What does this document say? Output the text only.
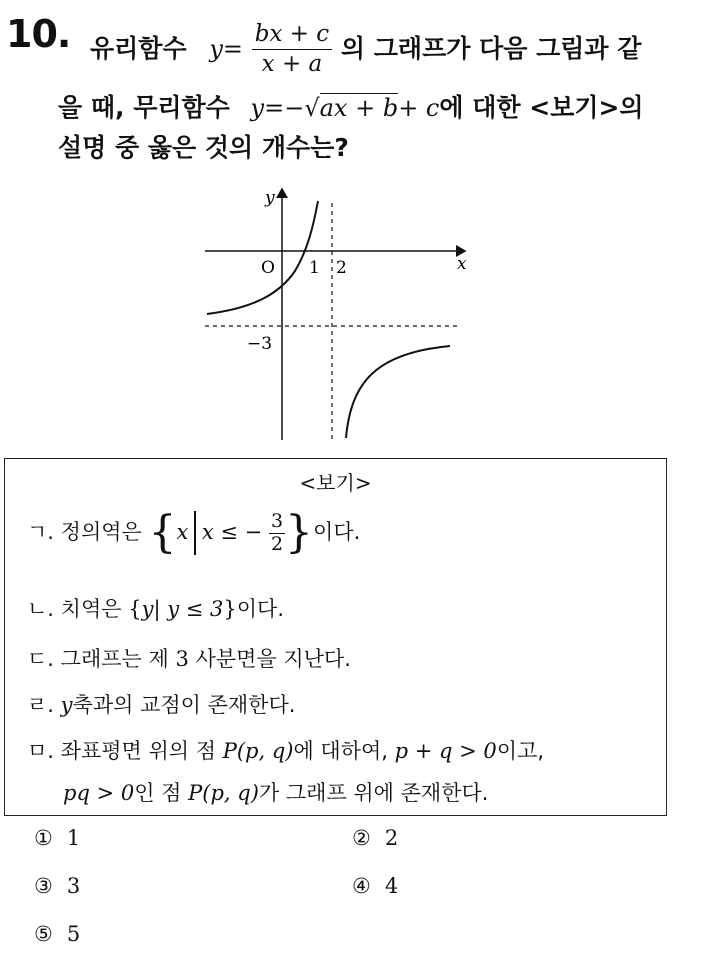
10. 유리함수 $y= \frac{bx + c}{x + a}$ 의 그래프가 다음 그림과 같
을 때, 무리함수 y=−√ax + b+ c에 대한 <보기>의
설명 중 옳은 것의 개수는?
y
x
O 1 2
−3
<보기>
ㄱ. 정의역은 {x x ≤ − $\frac{3}{2}$ }이다.
ㄴ. 치역은 {y| y ≤ 3}이다.
ㄷ. 그래프는 제 3 사분면을 지난다.
ㄹ. y축과의 교점이 존재한다.
ㅁ. 좌표평면 위의 점 P(p, q)에 대하여, p + q > 0이고,
pq > 0인 점 P(p, q)가 그래프 위에 존재한다.
① 1	② 2
③ 3	④ 4
⑤ 5
